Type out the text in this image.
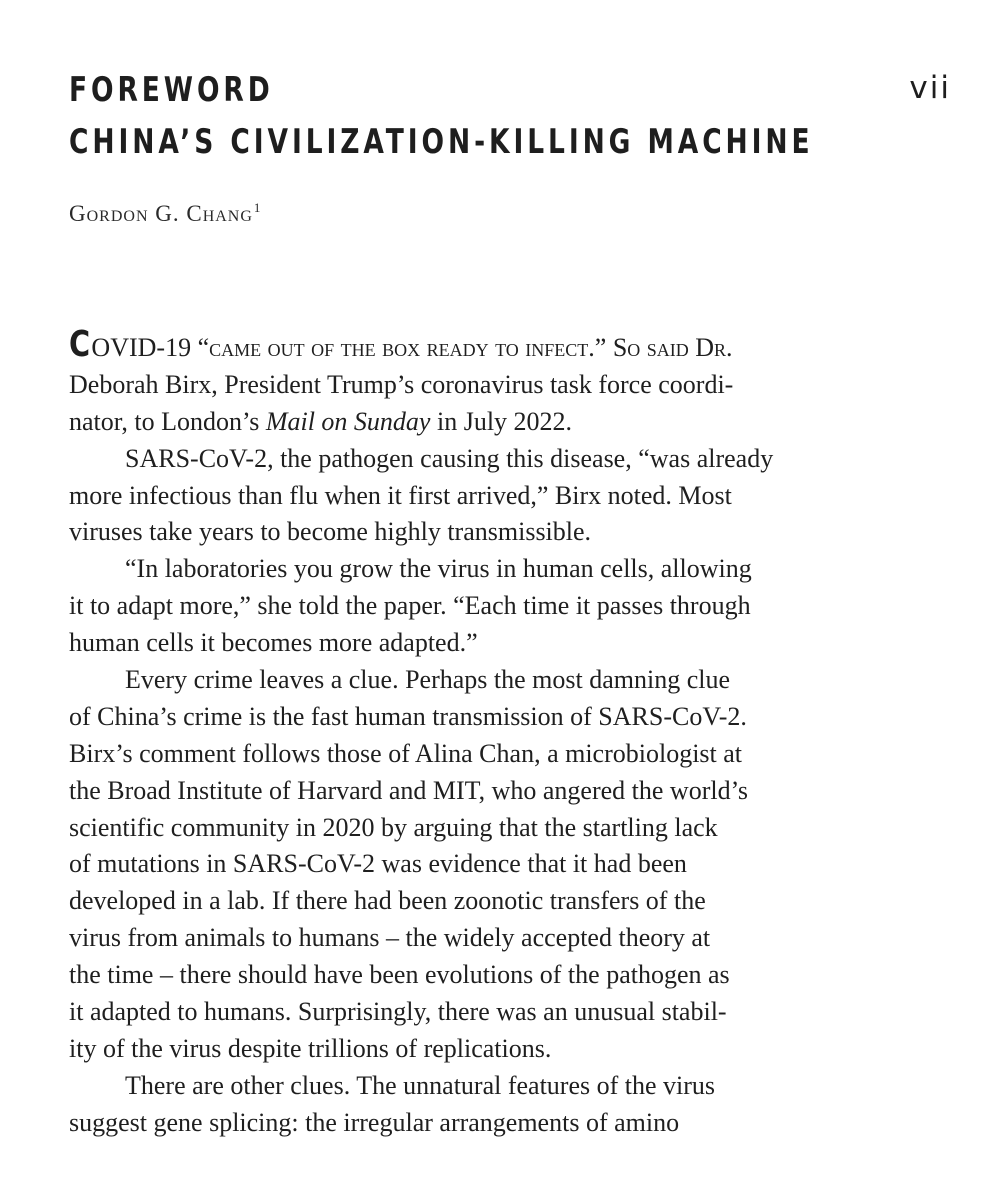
FOREWORD
CHINA’S CIVILIZATION-KILLING MACHINE
vii
Gordon G. Chang$^1$
COVID-19 “came out of the box ready to infect.” So said Dr.
Deborah Birx, President Trump’s coronavirus task force coordi-
nator, to London’s Mail on Sunday in July 2022.
SARS-CoV-2, the pathogen causing this disease, “was already
more infectious than flu when it first arrived,” Birx noted. Most
viruses take years to become highly transmissible.
“In laboratories you grow the virus in human cells, allowing
it to adapt more,” she told the paper. “Each time it passes through
human cells it becomes more adapted.”
Every crime leaves a clue. Perhaps the most damning clue
of China’s crime is the fast human transmission of SARS-CoV-2.
Birx’s comment follows those of Alina Chan, a microbiologist at
the Broad Institute of Harvard and MIT, who angered the world’s
scientific community in 2020 by arguing that the startling lack
of mutations in SARS-CoV-2 was evidence that it had been
developed in a lab. If there had been zoonotic transfers of the
virus from animals to humans – the widely accepted theory at
the time – there should have been evolutions of the pathogen as
it adapted to humans. Surprisingly, there was an unusual stabil-
ity of the virus despite trillions of replications.
There are other clues. The unnatural features of the virus
suggest gene splicing: the irregular arrangements of amino
